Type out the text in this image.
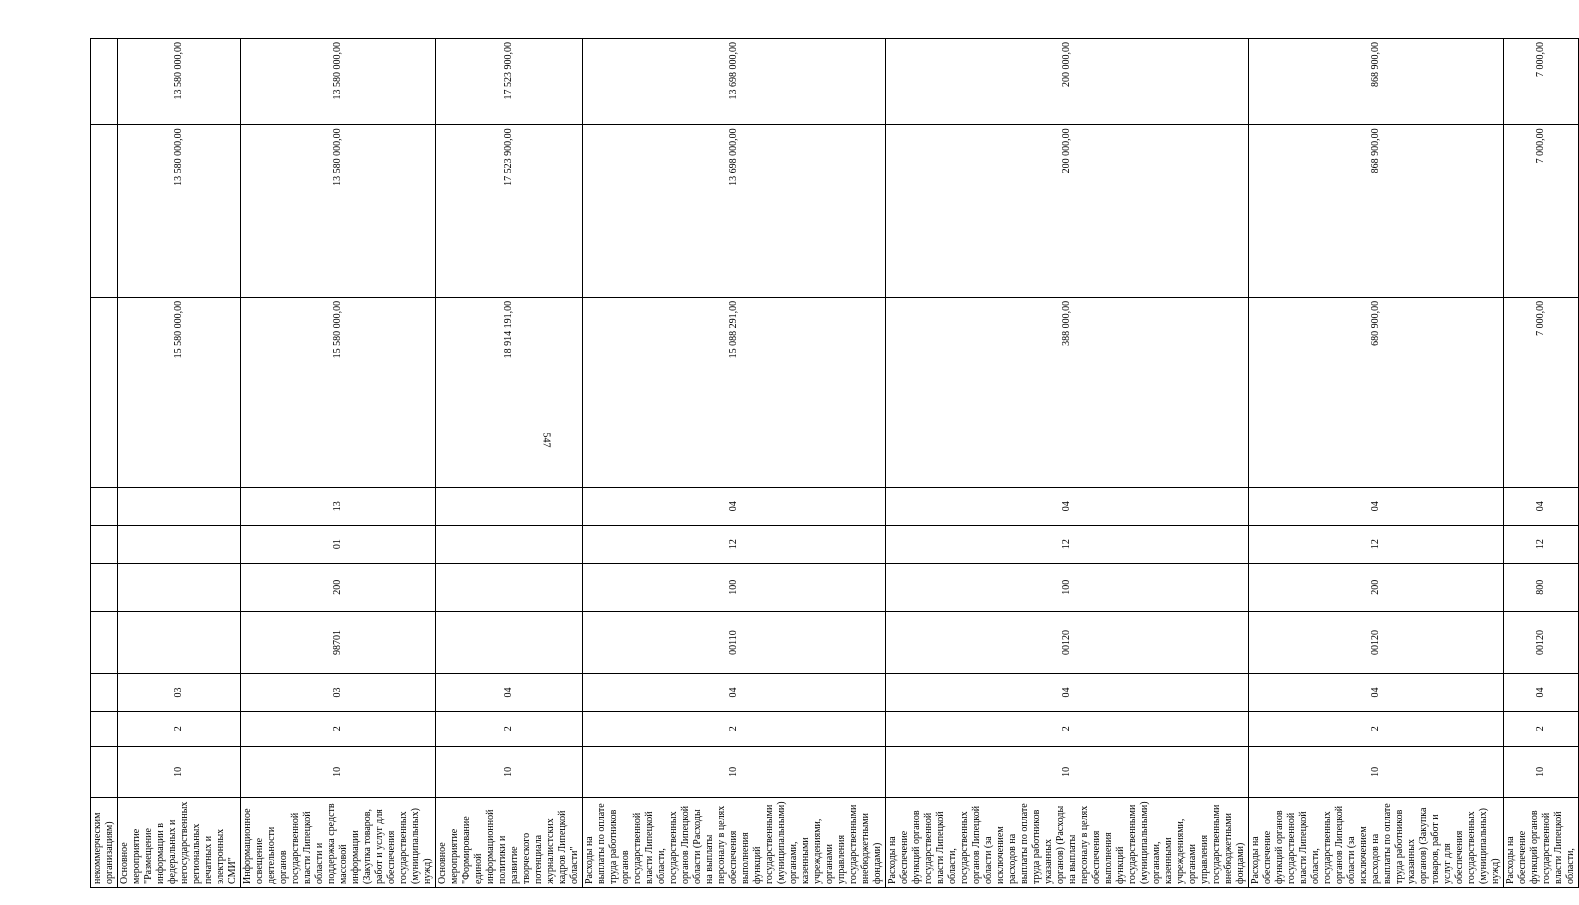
547
некоммерческим организациям)										
Основное мероприятие "Размещение информации в федеральных и негосударственных региональных печатных и электронных СМИ"	10	2	03					15 580 000,00	13 580 000,00	13 580 000,00
Информационное освещение деятельности органов государственной власти Липецкой области и поддержка средств массовой информации (Закупка товаров, работ и услуг для обеспечения государственных (муниципальных) нужд)	10	2	03	98701	200	01	13	15 580 000,00	13 580 000,00	13 580 000,00
Основное мероприятие "Формирование единой информационной политики и развитие творческого потенциала журналистских кадров Липецкой области"	10	2	04					18 914 191,00	17 523 900,00	17 523 900,00
Расходы на выплаты по оплате труда работников органов государственной власти Липецкой области, государственных органов Липецкой области (Расходы на выплаты персоналу в целях обеспечения выполнения функций государственными (муниципальными) органами, казенными учреждениями, органами управления государственными внебюджетными фондами)	10	2	04	00110	100	12	04	15 088 291,00	13 698 000,00	13 698 000,00
Расходы на обеспечение функций органов государственной власти Липецкой области, государственных органов Липецкой области (за исключением расходов на выплаты по оплате труда работников указанных органов) (Расходы на выплаты персоналу в целях обеспечения выполнения функций государственными (муниципальными) органами, казенными учреждениями, органами управления государственными внебюджетными фондами)	10	2	04	00120	100	12	04	388 000,00	200 000,00	200 000,00
Расходы на обеспечение функций органов государственной власти Липецкой области, государственных органов Липецкой области (за исключением расходов на выплаты по оплате труда работников указанных органов) (Закупка товаров, работ и услуг для обеспечения государственных (муниципальных) нужд)	10	2	04	00120	200	12	04	680 900,00	868 900,00	868 900,00
Расходы на обеспечение функций органов государственной власти Липецкой области,	10	2	04	00120	800	12	04	7 000,00	7 000,00	7 000,00
